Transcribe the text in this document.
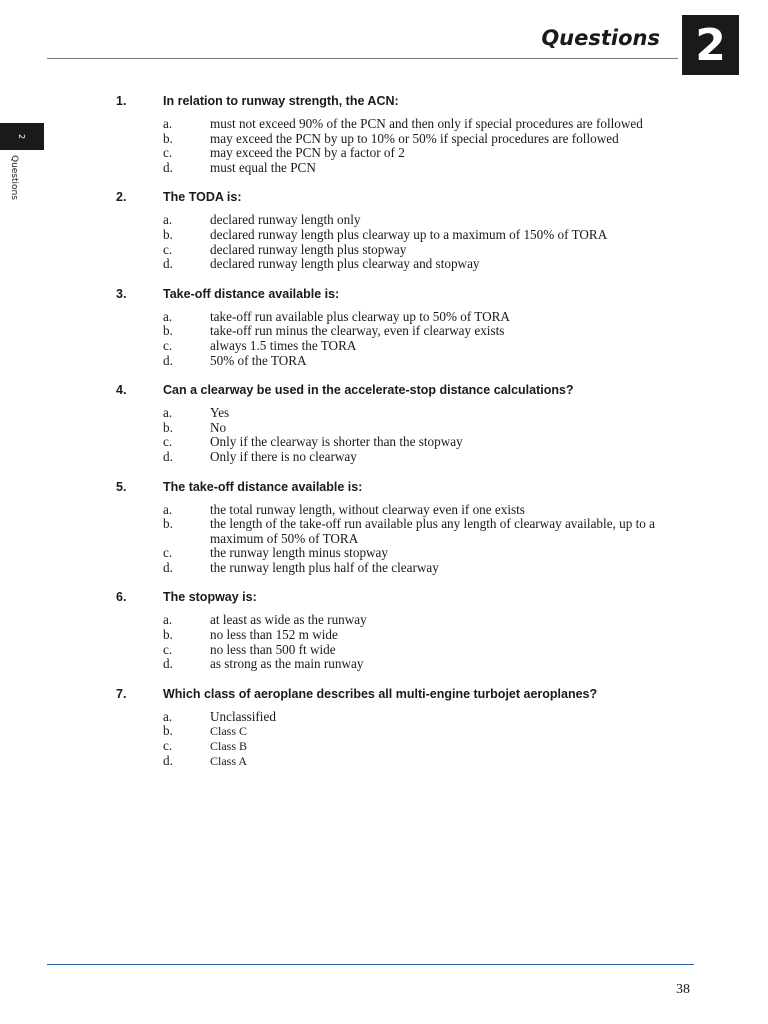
Questions 2
2
Questions
1.	In relation to runway strength, the ACN:
a.	must not exceed 90% of the PCN and then only if special procedures are followed
b.	may exceed the PCN by up to 10% or 50% if special procedures are followed
c.	may exceed the PCN by a factor of 2
d.	must equal the PCN
2.	The TODA is:
a.	declared runway length only
b.	declared runway length plus clearway up to a maximum of 150% of TORA
c.	declared runway length plus stopway
d.	declared runway length plus clearway and stopway
3.	Take-off distance available is:
a.	take-off run available plus clearway up to 50% of TORA
b.	take-off run minus the clearway, even if clearway exists
c.	always 1.5 times the TORA
d.	50% of the TORA
4.	Can a clearway be used in the accelerate-stop distance calculations?
a.	Yes
b.	No
c.	Only if the clearway is shorter than the stopway
d.	Only if there is no clearway
5.	The take-off distance available is:
a.	the total runway length, without clearway even if one exists
b.	the length of the take-off run available plus any length of clearway available, up to a maximum of 50% of TORA
c.	the runway length minus stopway
d.	the runway length plus half of the clearway
6.	The stopway is:
a.	at least as wide as the runway
b.	no less than 152 m wide
c.	no less than 500 ft wide
d.	as strong as the main runway
7.	Which class of aeroplane describes all multi-engine turbojet aeroplanes?
a.	Unclassified
b.	Class C
c.	Class B
d.	Class A
38
